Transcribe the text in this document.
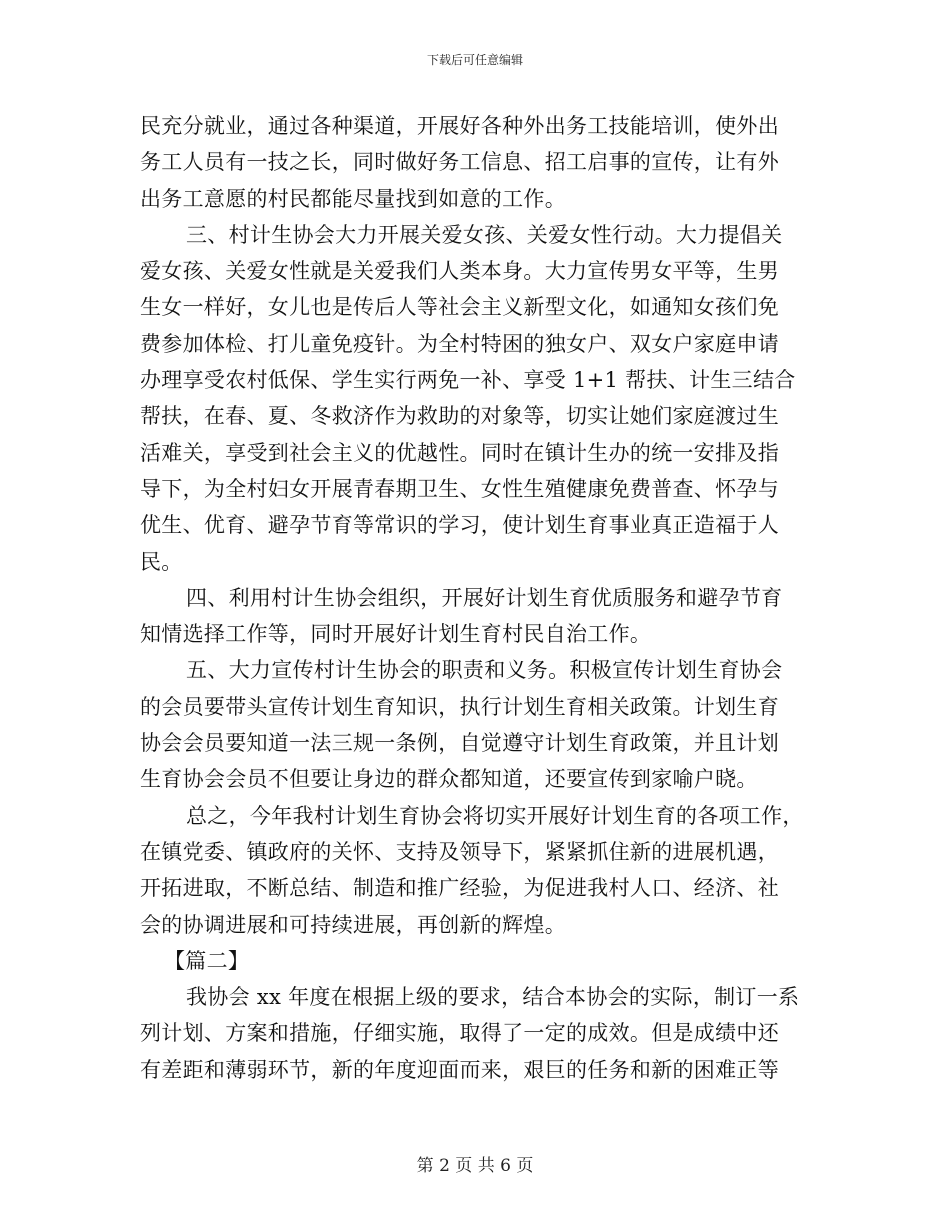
下载后可任意编辑
民充分就业，通过各种渠道，开展好各种外出务工技能培训，使外出
务工人员有一技之长，同时做好务工信息、招工启事的宣传，让有外
出务工意愿的村民都能尽量找到如意的工作。
三、村计生协会大力开展关爱女孩、关爱女性行动。大力提倡关
爱女孩、关爱女性就是关爱我们人类本身。大力宣传男女平等，生男
生女一样好，女儿也是传后人等社会主义新型文化，如通知女孩们免
费参加体检、打儿童免疫针。为全村特困的独女户、双女户家庭申请
办理享受农村低保、学生实行两免一补、享受 1+1 帮扶、计生三结合
帮扶，在春、夏、冬救济作为救助的对象等，切实让她们家庭渡过生
活难关，享受到社会主义的优越性。同时在镇计生办的统一安排及指
导下，为全村妇女开展青春期卫生、女性生殖健康免费普查、怀孕与
优生、优育、避孕节育等常识的学习，使计划生育事业真正造福于人
民。
四、利用村计生协会组织，开展好计划生育优质服务和避孕节育
知情选择工作等，同时开展好计划生育村民自治工作。
五、大力宣传村计生协会的职责和义务。积极宣传计划生育协会
的会员要带头宣传计划生育知识，执行计划生育相关政策。计划生育
协会会员要知道一法三规一条例，自觉遵守计划生育政策，并且计划
生育协会会员不但要让身边的群众都知道，还要宣传到家喻户晓。
总之，今年我村计划生育协会将切实开展好计划生育的各项工作，
在镇党委、镇政府的关怀、支持及领导下，紧紧抓住新的进展机遇，
开拓进取，不断总结、制造和推广经验，为促进我村人口、经济、社
会的协调进展和可持续进展，再创新的辉煌。
【篇二】
我协会 xx 年度在根据上级的要求，结合本协会的实际，制订一系
列计划、方案和措施，仔细实施，取得了一定的成效。但是成绩中还
有差距和薄弱环节，新的年度迎面而来，艰巨的任务和新的困难正等
第 2 页 共 6 页
